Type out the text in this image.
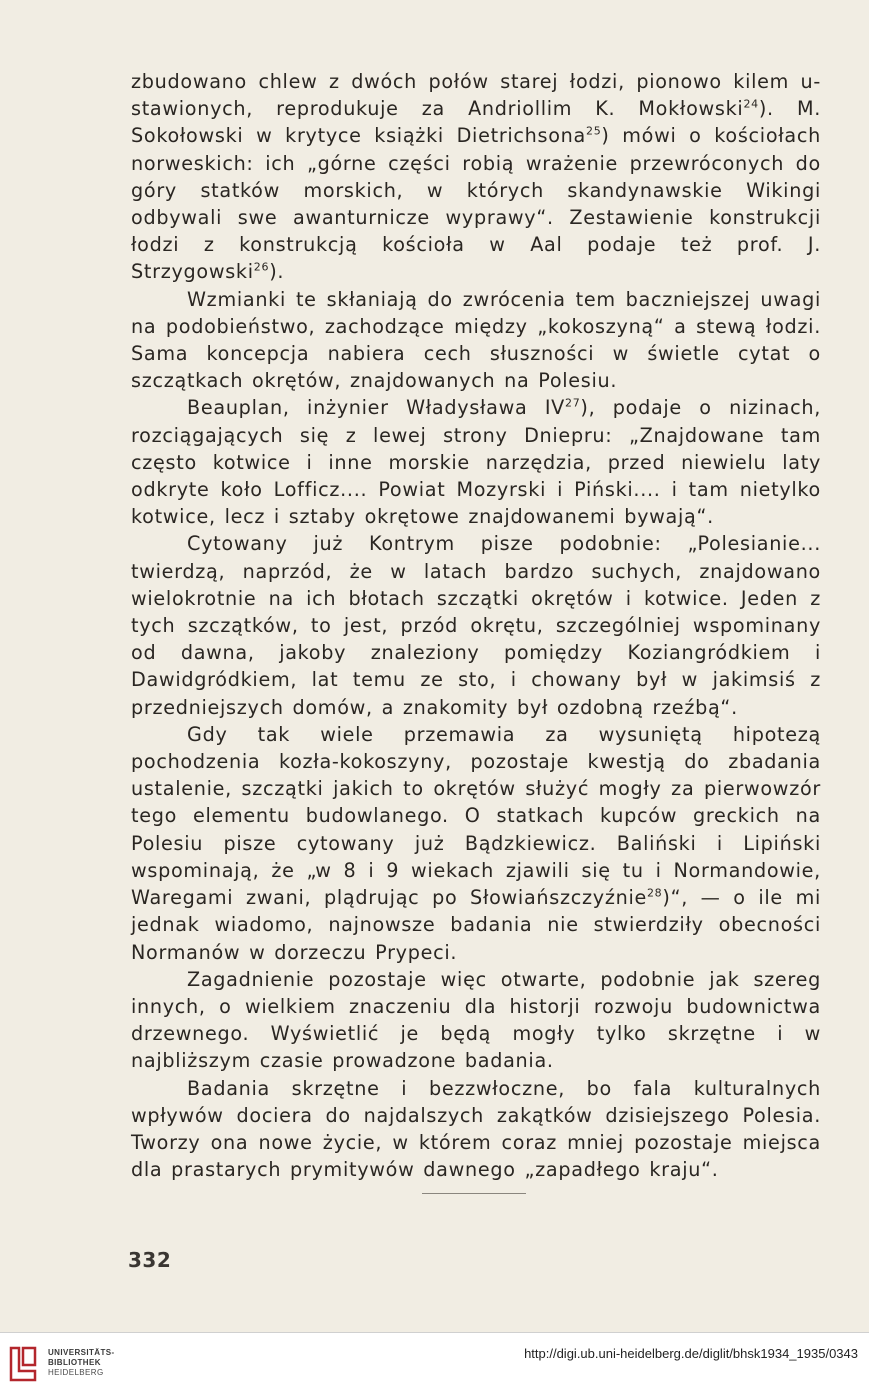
zbudowano chlew z dwóch połów starej łodzi, pionowo kilem u-stawionych, reprodukuje za Andriollim K. Mokłowski$^{24}$). M. Sokołowski w krytyce książki Dietrichsona$^{25}$) mówi o kościołach norweskich: ich „górne części robią wrażenie przewróconych do góry statków morskich, w których skandynawskie Wikingi odbywali swe awanturnicze wyprawy“. Zestawienie konstrukcji łodzi z konstrukcją kościoła w Aal podaje też prof. J. Strzygowski$^{26}$).

Wzmianki te skłaniają do zwrócenia tem baczniejszej uwagi na podobieństwo, zachodzące między „kokoszyną“ a stewą łodzi. Sama koncepcja nabiera cech słuszności w świetle cytat o szczątkach okrętów, znajdowanych na Polesiu.

Beauplan, inżynier Władysława IV$^{27}$), podaje o nizinach, rozciągających się z lewej strony Dniepru: „Znajdowane tam często kotwice i inne morskie narzędzia, przed niewielu laty odkryte koło Lofficz.... Powiat Mozyrski i Piński.... i tam nietylko kotwice, lecz i sztaby okrętowe znajdowanemi bywają“.

Cytowany już Kontrym pisze podobnie: „Polesianie... twierdzą, naprzód, że w latach bardzo suchych, znajdowano wielokrotnie na ich błotach szczątki okrętów i kotwice. Jeden z tych szczątków, to jest, przód okrętu, szczególniej wspominany od dawna, jakoby znaleziony pomiędzy Koziangródkiem i Dawidgródkiem, lat temu ze sto, i chowany był w jakimsiś z przedniejszych domów, a znakomity był ozdobną rzeźbą“.

Gdy tak wiele przemawia za wysuniętą hipotezą pochodzenia kozła-kokoszyny, pozostaje kwestją do zbadania ustalenie, szczątki jakich to okrętów służyć mogły za pierwowzór tego elementu budowlanego. O statkach kupców greckich na Polesiu pisze cytowany już Bądzkiewicz. Baliński i Lipiński wspominają, że „w 8 i 9 wiekach zjawili się tu i Normandowie, Waregami zwani, plądrując po Słowiańszczyźnie$^{28}$)“, — o ile mi jednak wiadomo, najnowsze badania nie stwierdziły obecności Normanów w dorzeczu Prypeci.

Zagadnienie pozostaje więc otwarte, podobnie jak szereg innych, o wielkiem znaczeniu dla historji rozwoju budownictwa drzewnego. Wyświetlić je będą mogły tylko skrzętne i w najbliższym czasie prowadzone badania.

Badania skrzętne i bezzwłoczne, bo fala kulturalnych wpływów dociera do najdalszych zakątków dzisiejszego Polesia. Tworzy ona nowe życie, w którem coraz mniej pozostaje miejsca dla prastarych prymitywów dawnego „zapadłego kraju“.

332
UNIVERSITÄTS-
BIBLIOTHEK
HEIDELBERG
http://digi.ub.uni-heidelberg.de/diglit/bhsk1934_1935/0343
